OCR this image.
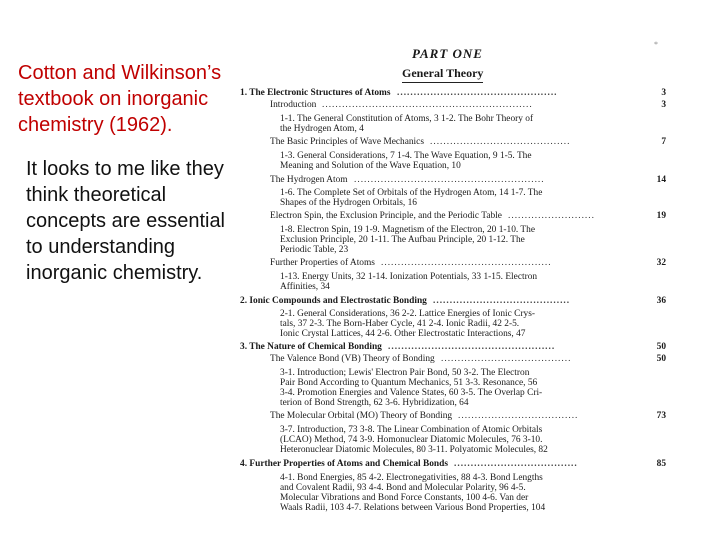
Cotton and Wilkinson’s textbook on inorganic chemistry (1962).
It looks to me like they think theoretical concepts are essential to understanding inorganic chemistry.
PART ONE
General Theory
*
1. The Electronic Structures of Atoms	3
................................................
Introduction	3
...............................................................
1-1. The General Constitution of Atoms, 3 1-2. The Bohr Theory of
the Hydrogen Atom, 4
The Basic Principles of Wave Mechanics	7
..........................................
1-3. General Considerations, 7 1-4. The Wave Equation, 9 1-5. The
Meaning and Solution of the Wave Equation, 10
The Hydrogen Atom	14
.........................................................
1-6. The Complete Set of Orbitals of the Hydrogen Atom, 14 1-7. The
Shapes of the Hydrogen Orbitals, 16
Electron Spin, the Exclusion Principle, and the Periodic Table	19
..........................
1-8. Electron Spin, 19 1-9. Magnetism of the Electron, 20 1-10. The
Exclusion Principle, 20 1-11. The Aufbau Principle, 20 1-12. The
Periodic Table, 23
Further Properties of Atoms	32
...................................................
1-13. Energy Units, 32 1-14. Ionization Potentials, 33 1-15. Electron
Affinities, 34
2. Ionic Compounds and Electrostatic Bonding	36
.........................................
2-1. General Considerations, 36 2-2. Lattice Energies of Ionic Crys-
tals, 37 2-3. The Born-Haber Cycle, 41 2-4. Ionic Radii, 42 2-5.
Ionic Crystal Lattices, 44 2-6. Other Electrostatic Interactions, 47
3. The Nature of Chemical Bonding	50
..................................................
The Valence Bond (VB) Theory of Bonding	50
.......................................
3-1. Introduction; Lewis' Electron Pair Bond, 50 3-2. The Electron
Pair Bond According to Quantum Mechanics, 51 3-3. Resonance, 56
3-4. Promotion Energies and Valence States, 60 3-5. The Overlap Cri-
terion of Bond Strength, 62 3-6. Hybridization, 64
The Molecular Orbital (MO) Theory of Bonding	73
....................................
3-7. Introduction, 73 3-8. The Linear Combination of Atomic Orbitals
(LCAO) Method, 74 3-9. Homonuclear Diatomic Molecules, 76 3-10.
Heteronuclear Diatomic Molecules, 80 3-11. Polyatomic Molecules, 82
4. Further Properties of Atoms and Chemical Bonds	85
.....................................
4-1. Bond Energies, 85 4-2. Electronegativities, 88 4-3. Bond Lengths
and Covalent Radii, 93 4-4. Bond and Molecular Polarity, 96 4-5.
Molecular Vibrations and Bond Force Constants, 100 4-6. Van der
Waals Radii, 103 4-7. Relations between Various Bond Properties, 104
